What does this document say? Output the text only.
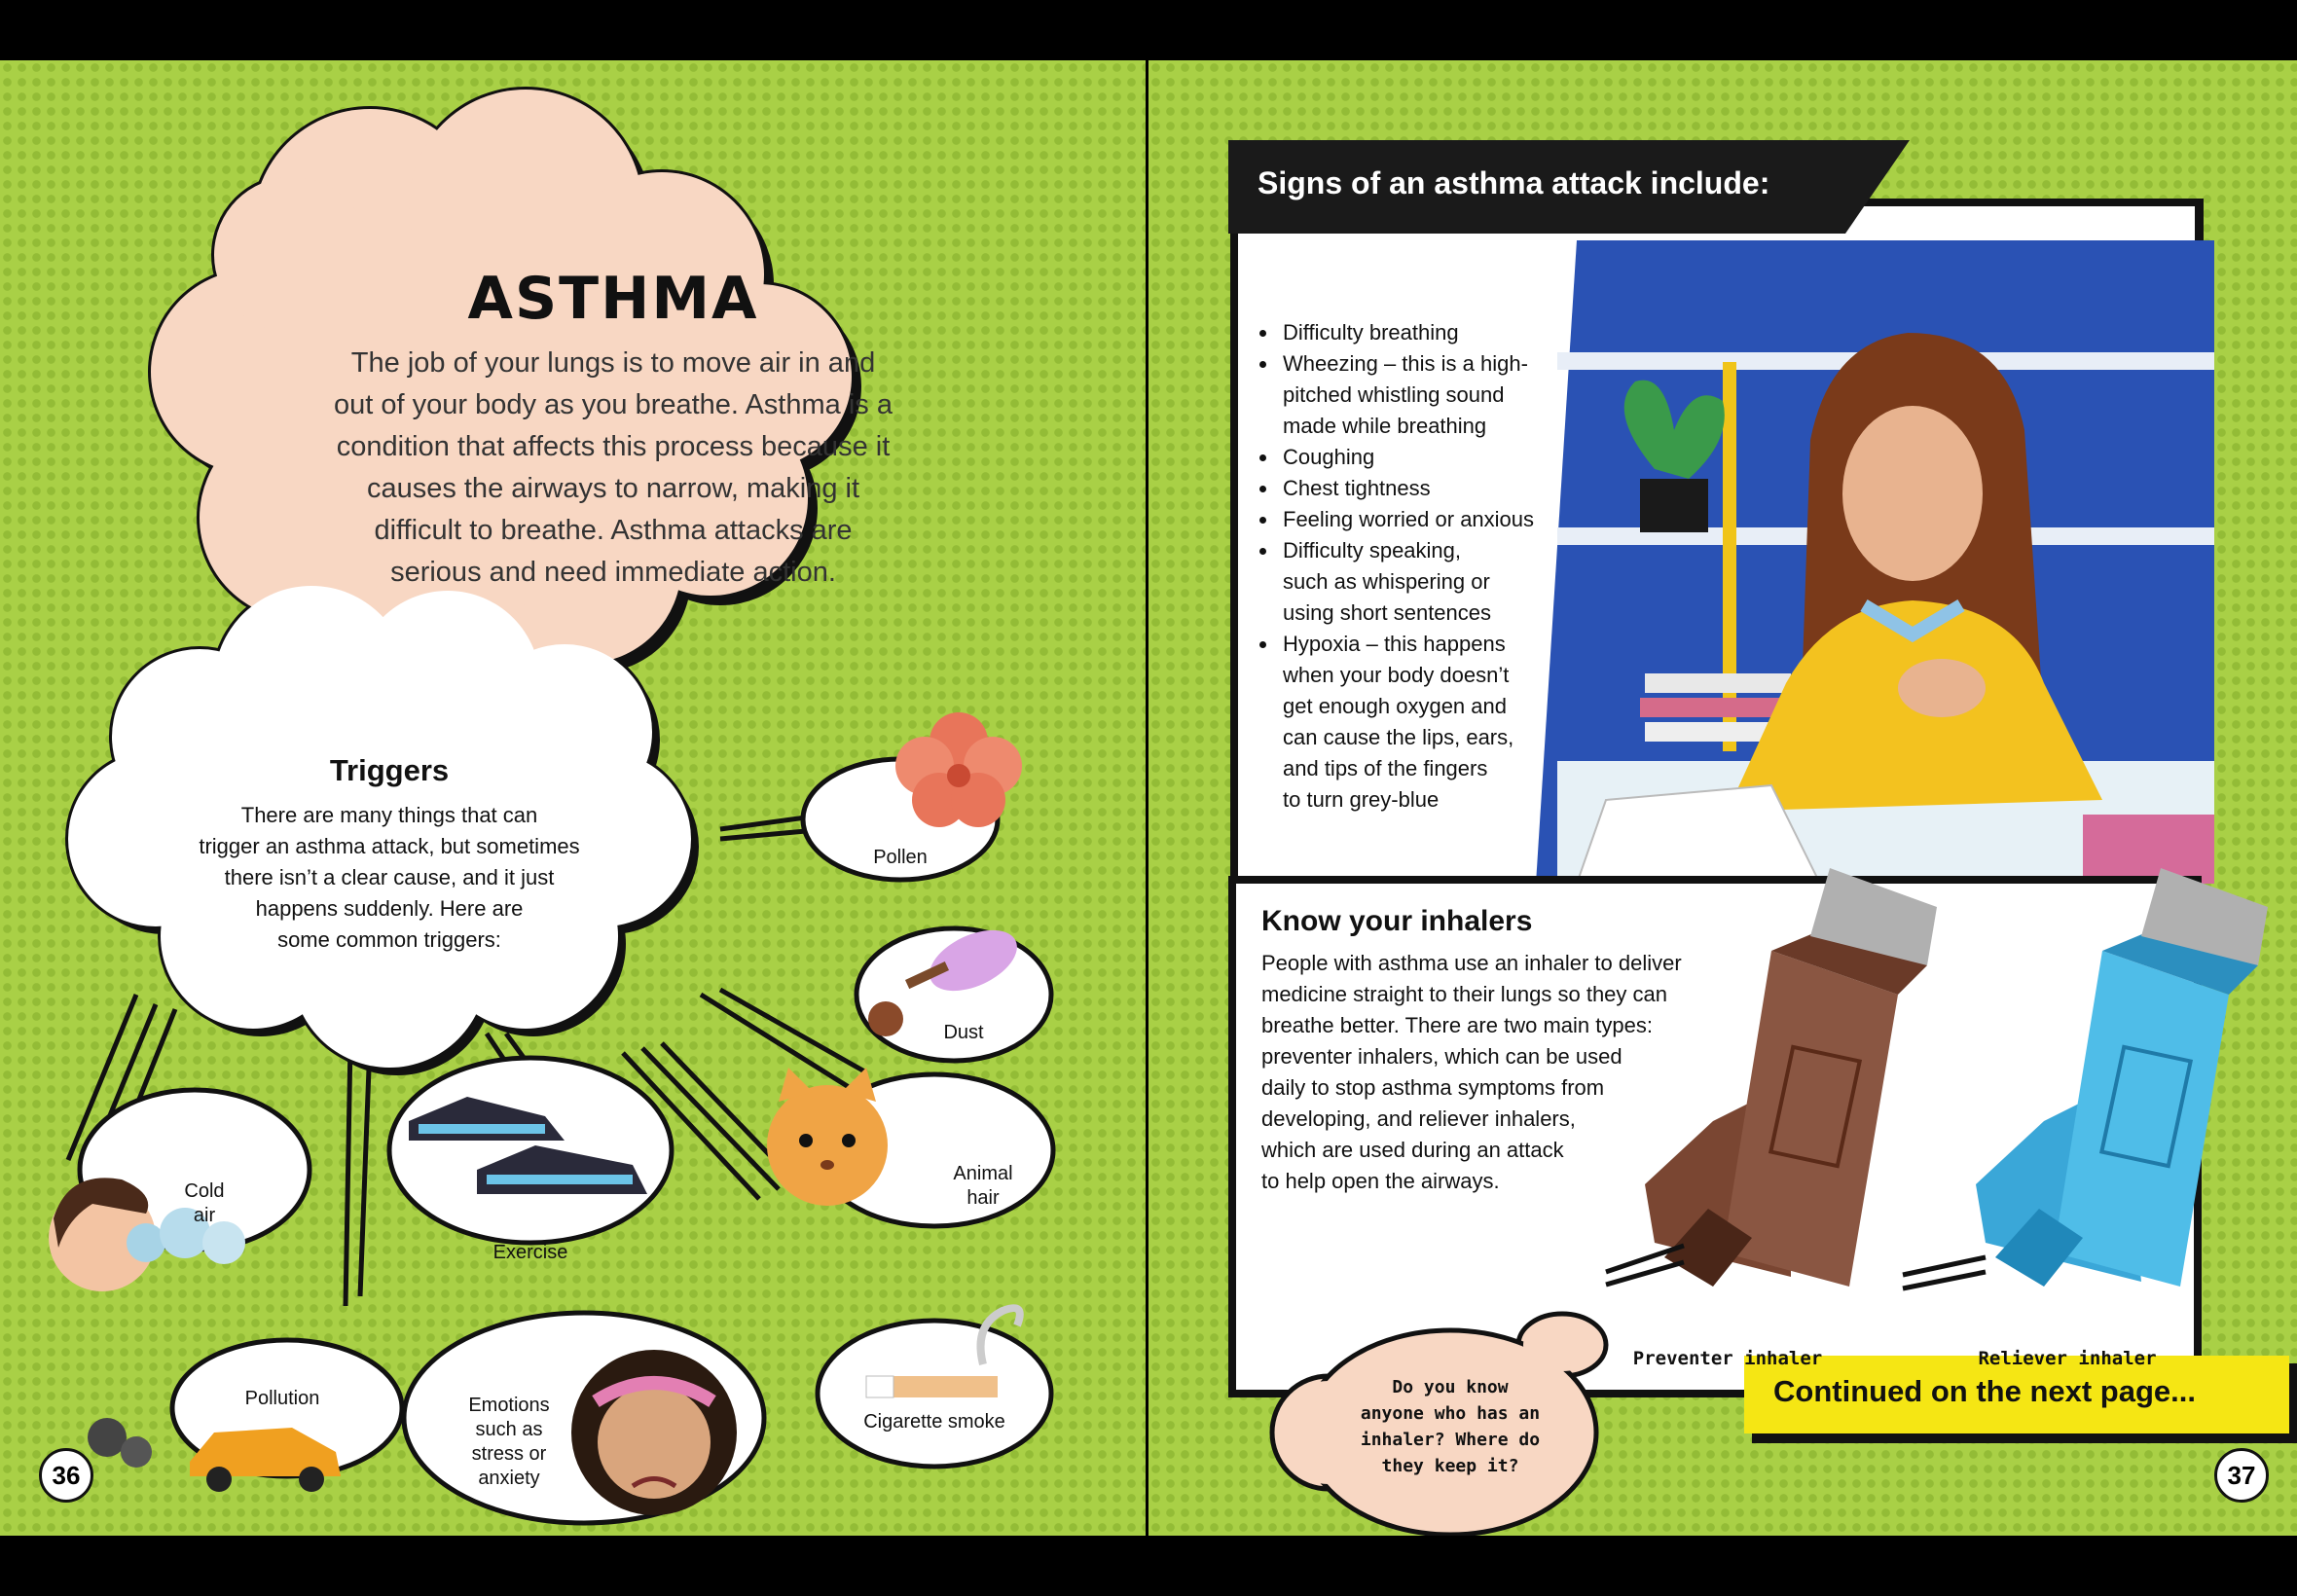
ASTHMA
The job of your lungs is to move air in and
out of your body as you breathe. Asthma is a
condition that affects this process because it
causes the airways to narrow, making it
difficult to breathe. Asthma attacks are
serious and need immediate action.
Triggers
There are many things that can
trigger an asthma attack, but sometimes
there isn’t a clear cause, and it just
happens suddenly. Here are
some common triggers:
Pollen
Dust
Animal
hair
Cold
air
Exercise
Pollution	Emotions
such as
stress or
anxiety
Cigarette smoke
36
Signs of an asthma attack include:
Difficulty breathing
Wheezing – this is a high-
pitched whistling sound
made while breathing
Coughing
Chest tightness
Feeling worried or anxious
Difficulty speaking,
such as whispering or
using short sentences
Hypoxia – this happens
when your body doesn’t
get enough oxygen and
can cause the lips, ears,
and tips of the fingers
to turn grey-blue
Know your inhalers
People with asthma use an inhaler to deliver
medicine straight to their lungs so they can
breathe better. There are two main types:
preventer inhalers, which can be used
daily to stop asthma symptoms from
developing, and reliever inhalers,
which are used during an attack
to help open the airways.
Preventer inhaler	Reliever inhaler
Do you know
anyone who has an
inhaler? Where do
they keep it?
Continued on the next page...
37
